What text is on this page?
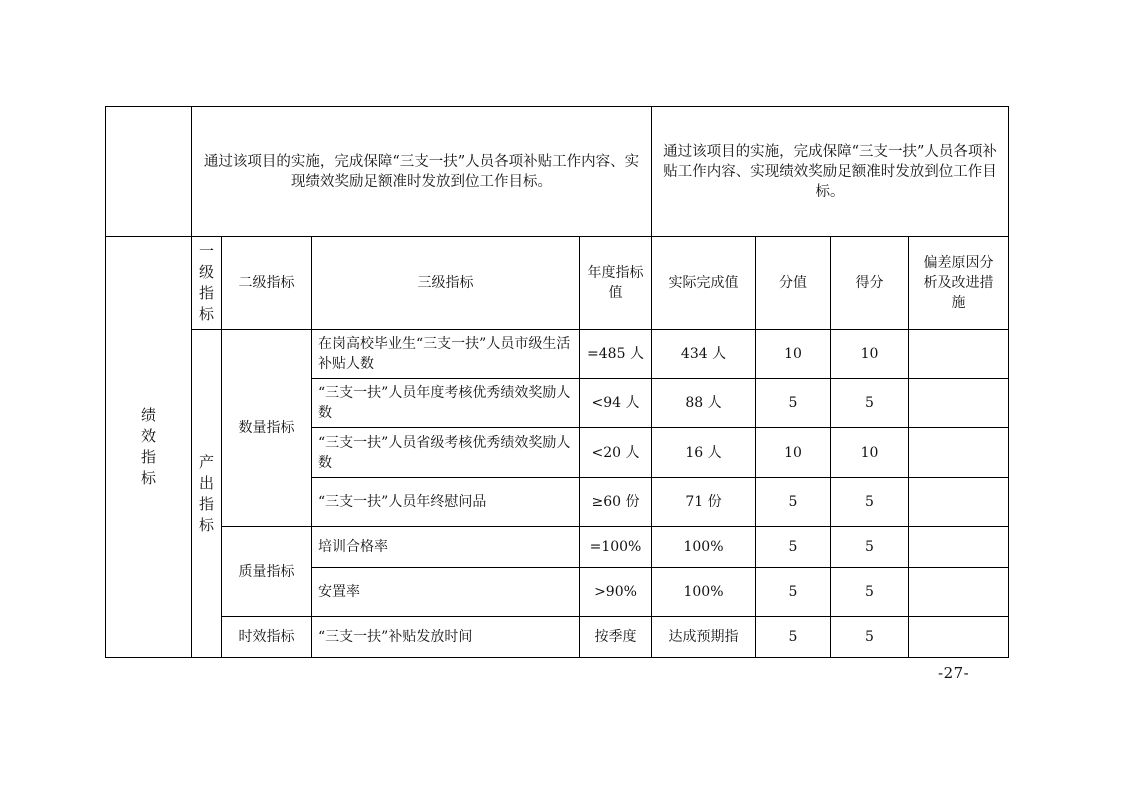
	通过该项目的实施，完成保障“三支一扶”人员各项补贴工作内容、实现绩效奖励足额准时发放到位工作目标。				通过该项目的实施，完成保障“三支一扶”人员各项补贴工作内容、实现绩效奖励足额准时发放到位工作目标。			
绩效指标	一级指标	二级指标	三级指标	年度指标值	实际完成值	分值	得分	偏差原因分析及改进措施
	产出指标	数量指标	在岗高校毕业生“三支一扶”人员市级生活补贴人数	=485 人	434 人	10	10	
			“三支一扶”人员年度考核优秀绩效奖励人数	<94 人	88 人	5	5	
			“三支一扶”人员省级考核优秀绩效奖励人数	<20 人	16 人	10	10	
			“三支一扶”人员年终慰问品	≥60 份	71 份	5	5	
		质量指标	培训合格率	=100%	100%	5	5	
			安置率	>90%	100%	5	5	
		时效指标	“三支一扶”补贴发放时间	按季度	达成预期指	5	5	
-27-
